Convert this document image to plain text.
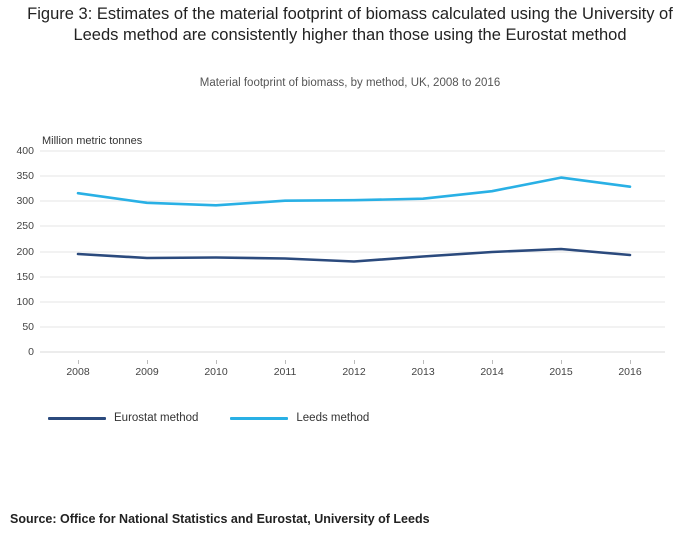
Figure 3: Estimates of the material footprint of biomass calculated using the University of Leeds method are consistently higher than those using the Eurostat method
Material footprint of biomass, by method, UK, 2008 to 2016
Million metric tonnes
400
350
300
250
200
150
100
50
0
2008	2009	2010	2011	2012	2013	2014	2015	2016
Eurostat method	Leeds method
Source: Office for National Statistics and Eurostat, University of Leeds
